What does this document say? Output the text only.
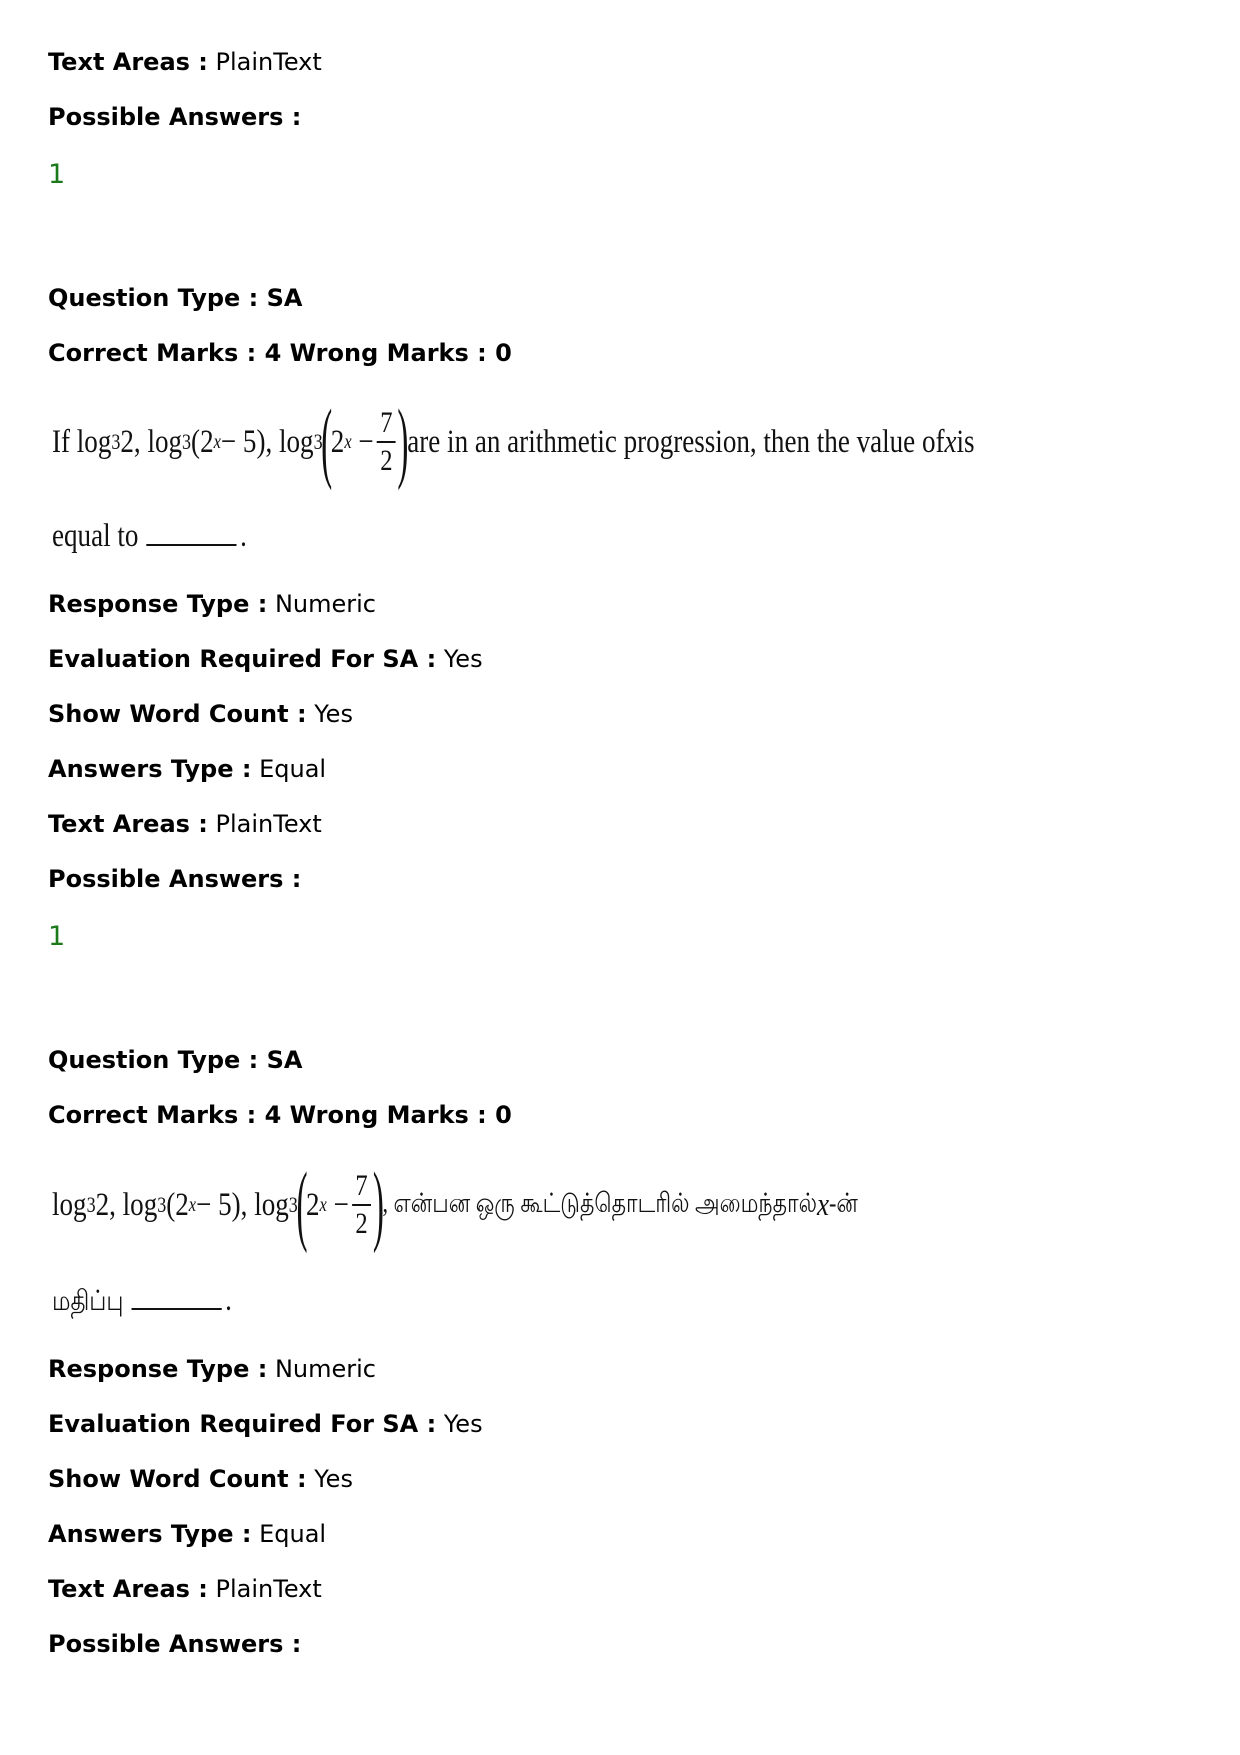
Text Areas : PlainText
Possible Answers :
1
Question Type : SA
Correct Marks : 4 Wrong Marks : 0
If log 3 2, log 3 (2 x − 5), log 3
(
2 x
− $\frac{7}{2}$ )
are in an arithmetic progression, then the value of x is
equal to	.
Response Type : Numeric
Evaluation Required For SA : Yes
Show Word Count : Yes
Answers Type : Equal
Text Areas : PlainText
Possible Answers :
1
Question Type : SA
Correct Marks : 4 Wrong Marks : 0
log 3 2, log 3 (2 x − 5), log 3
(
2 x
− $\frac{7}{2}$ )
, என்பன ஒரு கூட்டுத்தொடரில் அமைந்தால் x -ன்
மதிப்பு	.
Response Type : Numeric
Evaluation Required For SA : Yes
Show Word Count : Yes
Answers Type : Equal
Text Areas : PlainText
Possible Answers :
